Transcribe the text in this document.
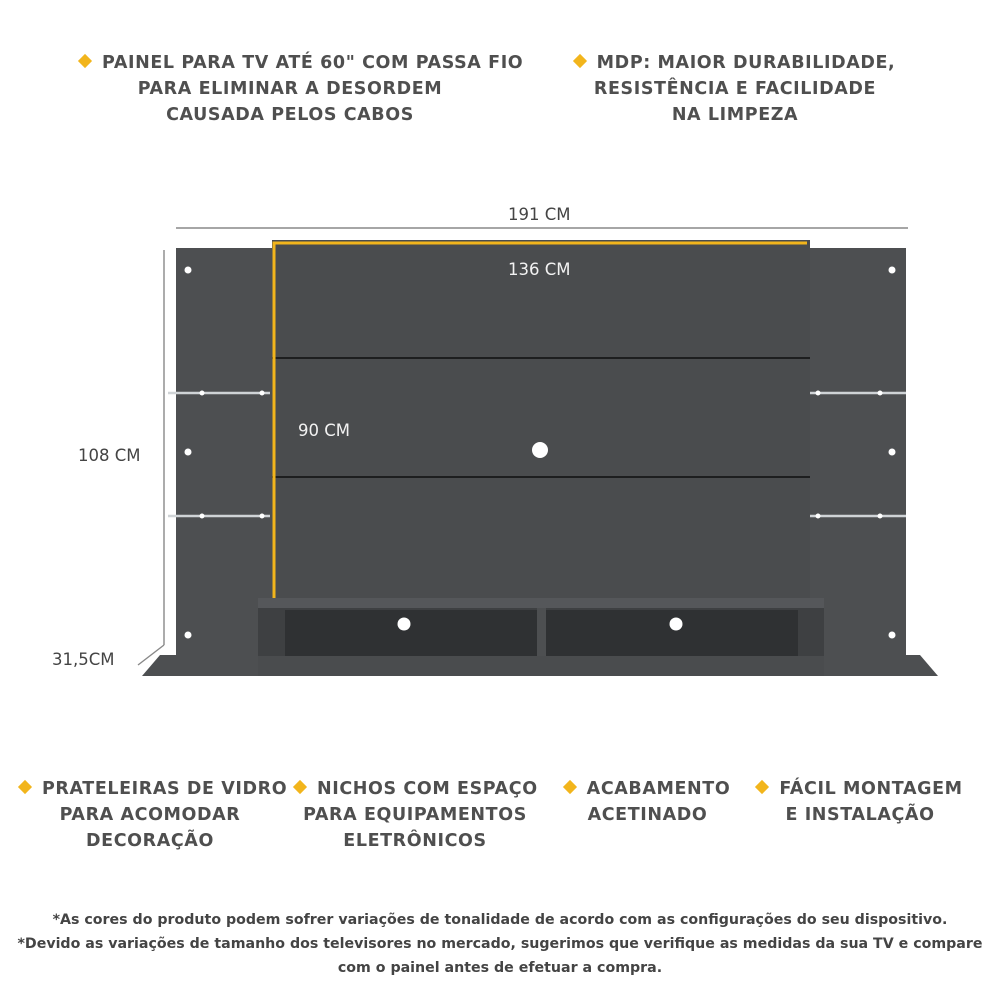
PAINEL PARA TV ATÉ 60" COM PASSA FIO
PARA ELIMINAR A DESORDEM
CAUSADA PELOS CABOS
MDP: MAIOR DURABILIDADE,
RESISTÊNCIA E FACILIDADE
NA LIMPEZA
191 CM
136 CM
90 CM
108 CM
31,5CM
PRATELEIRAS DE VIDRO
PARA ACOMODAR
DECORAÇÃO
NICHOS COM ESPAÇO
PARA EQUIPAMENTOS
ELETRÔNICOS
ACABAMENTO
ACETINADO
FÁCIL MONTAGEM
E INSTALAÇÃO
*As cores do produto podem sofrer variações de tonalidade de acordo com as configurações do seu dispositivo.
*Devido as variações de tamanho dos televisores no mercado, sugerimos que verifique as medidas da sua TV e compare
com o painel antes de efetuar a compra.
